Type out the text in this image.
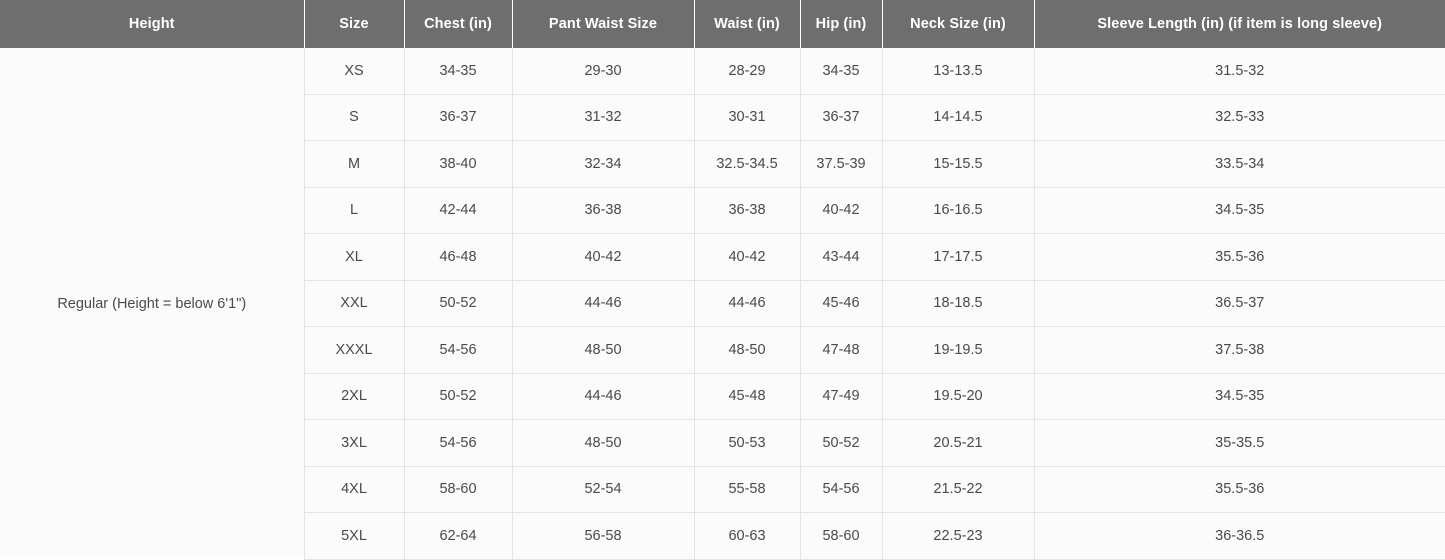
Height	Size	Chest (in)	Pant Waist Size	Waist (in)	Hip (in)	Neck Size (in)	Sleeve Length (in) (if item is long sleeve)
Regular (Height = below 6'1")	XS	34-35	29-30	28-29	34-35	13-13.5	31.5-32
	S	36-37	31-32	30-31	36-37	14-14.5	32.5-33
	M	38-40	32-34	32.5-34.5	37.5-39	15-15.5	33.5-34
	L	42-44	36-38	36-38	40-42	16-16.5	34.5-35
	XL	46-48	40-42	40-42	43-44	17-17.5	35.5-36
	XXL	50-52	44-46	44-46	45-46	18-18.5	36.5-37
	XXXL	54-56	48-50	48-50	47-48	19-19.5	37.5-38
	2XL	50-52	44-46	45-48	47-49	19.5-20	34.5-35
	3XL	54-56	48-50	50-53	50-52	20.5-21	35-35.5
	4XL	58-60	52-54	55-58	54-56	21.5-22	35.5-36
	5XL	62-64	56-58	60-63	58-60	22.5-23	36-36.5
